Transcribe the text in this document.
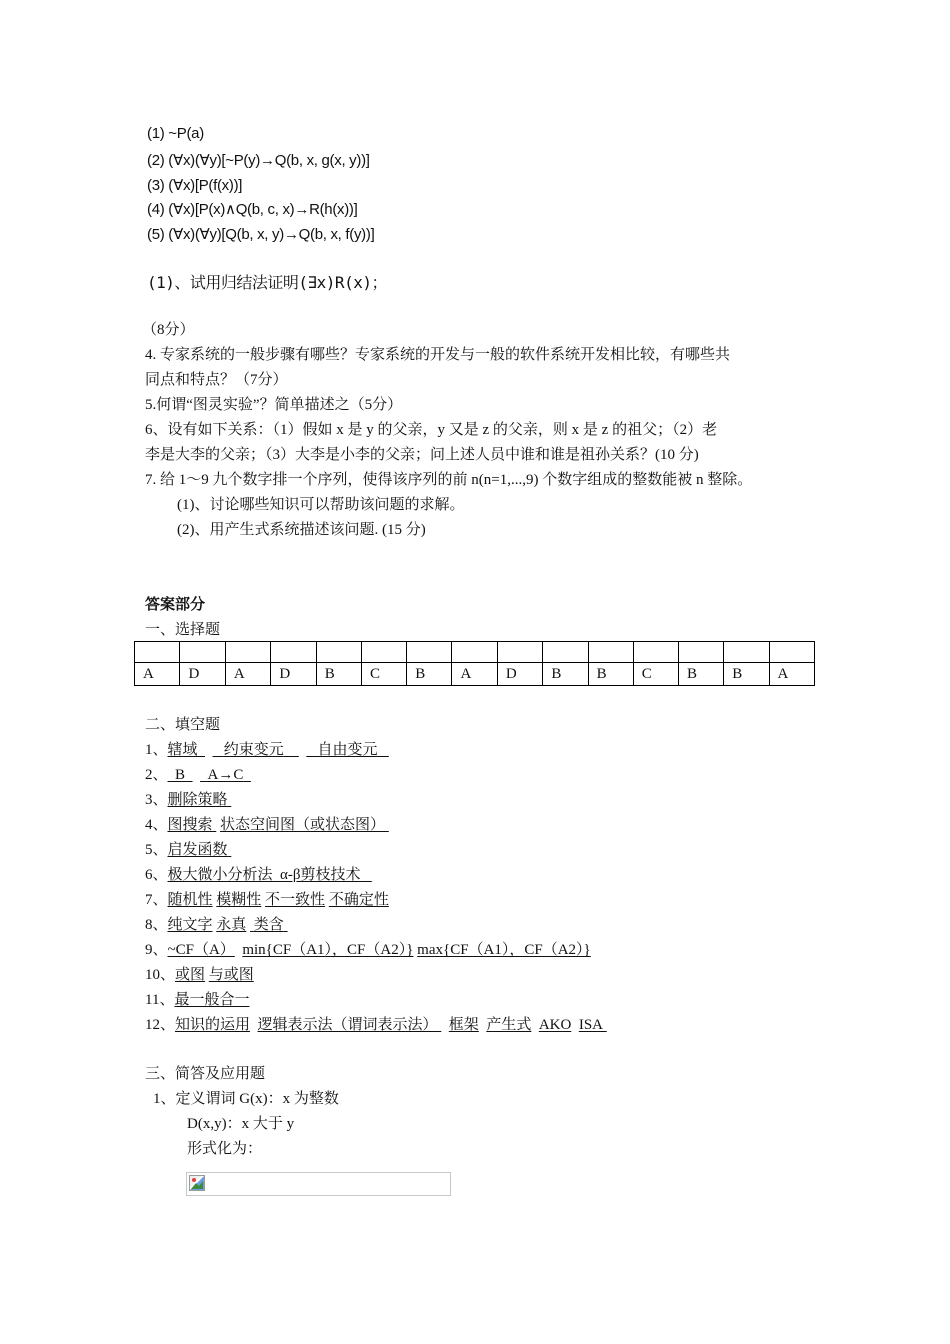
(1) ~P(a)
(2) (∀x)(∀y)[~P(y)→Q(b, x, g(x, y))]
(3) (∀x)[P(f(x))]
(4) (∀x)[P(x)∧Q(b, c, x)→R(h(x))]
(5) (∀x)(∀y)[Q(b, x, y)→Q(b, x, f(y))]
(1)、试用归结法证明(∃x)R(x)；
（8分）
4. 专家系统的一般步骤有哪些？专家系统的开发与一般的软件系统开发相比较，有哪些共
同点和特点？（7分）
5.何谓“图灵实验”？简单描述之（5分）
6、设有如下关系：（1）假如 x 是 y 的父亲，y 又是 z 的父亲，则 x 是 z 的祖父；（2）老
李是大李的父亲；（3）大李是小李的父亲；问上述人员中谁和谁是祖孙关系？(10 分)
7. 给 1～9 九个数字排一个序列，使得该序列的前 n(n=1,...,9) 个数字组成的整数能被 n 整除。
(1)、讨论哪些知识可以帮助该问题的求解。
(2)、用产生式系统描述该问题. (15 分)
答案部分
一、选择题

A	D	A	D	B	C	B	A	D	B	B	C	B	B	A
二、填空题
1、辖域 约束变元 自由变元
2、 B A→C
3、删除策略
4、图搜索 状态空间图（或状态图）
5、启发函数
6、极大微小分析法 α-β剪枝技术
7、随机性 模糊性 不一致性 不确定性
8、纯文字 永真 类含
9、~CF（A） min{CF（A1），CF（A2）} max{CF（A1），CF（A2）}
10、或图 与或图
11、最一般合一
12、知识的运用 逻辑表示法（谓词表示法） 框架 产生式 AKO ISA
三、简答及应用题
1、定义谓词 G(x)：x 为整数
D(x,y)：x 大于 y
形式化为：
